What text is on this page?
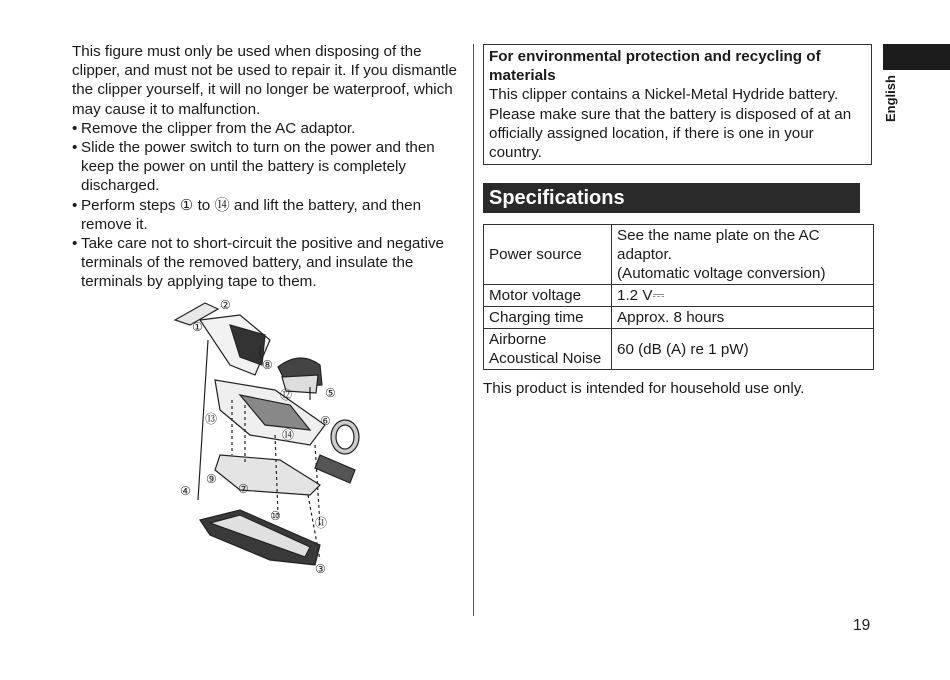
This figure must only be used when disposing of the clipper, and must not be used to repair it. If you dismantle the clipper yourself, it will no longer be waterproof, which may cause it to malfunction.

• Remove the clipper from the AC adaptor.
• Slide the power switch to turn on the power and then keep the power on until the battery is completely discharged.
• Perform steps ① to ⑭ and lift the battery, and then remove it.
• Take care not to short-circuit the positive and negative terminals of the removed battery, and insulate the terminals by applying tape to them.
②
①
⑧
⑫	⑤
⑬	⑥
⑭
⑨
⑦
④
⑩	⑪
③
For environmental protection and recycling of materials
This clipper contains a Nickel-Metal Hydride battery. Please make sure that the battery is disposed of at an officially assigned location, if there is one in your country.
Specifications
Power source	See the name plate on the AC
adaptor.
(Automatic voltage conversion)

Motor voltage	1.2 V⎓
Charging time	Approx. 8 hours

Airborne
Acoustical Noise	60 (dB (A) re 1 pW)
This product is intended for household use only.
English
19
